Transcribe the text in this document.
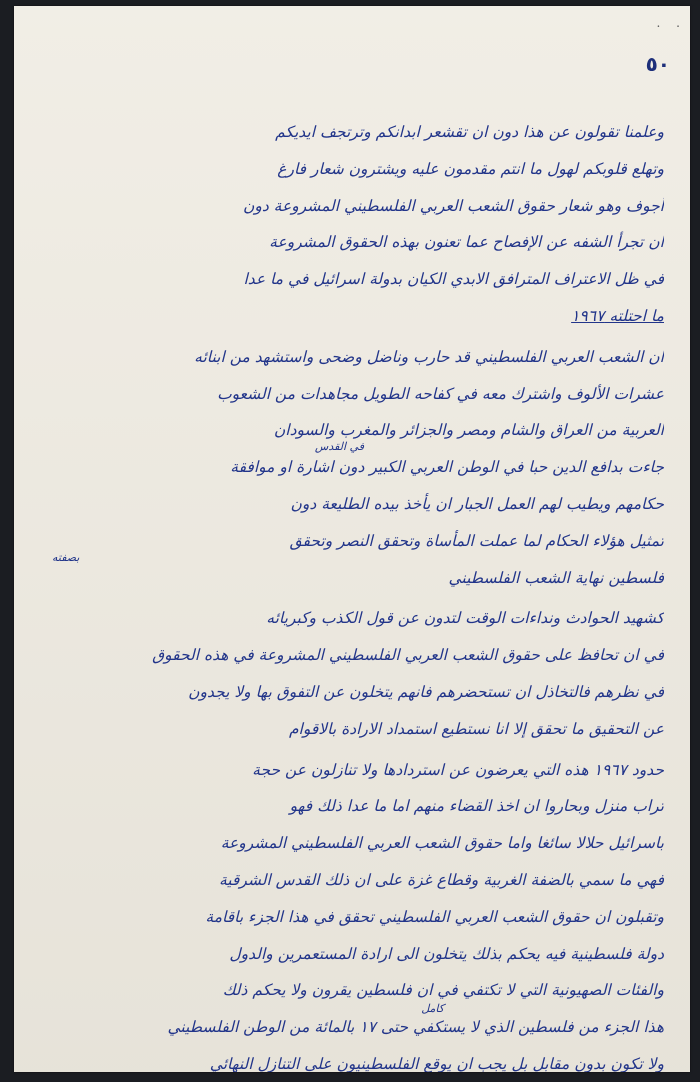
. .
٥٠
وعلمنا تقولون عن هذا دون ان تقشعر ابدانكم وترتجف ايديكم
وتهلع قلوبكم لهول ما انتم مقدمون عليه ويشترون شعار فارغ
أجوف وهو شعار حقوق الشعب العربي الفلسطيني المشروعة دون
ان تجرأ الشفه عن الإفصاح عما تعنون بهذه الحقوق المشروعة
في ظل الاعتراف المترافق الابدي الكيان بدولة اسرائيل في ما عدا
ما احتلته ١٩٦٧
ان الشعب العربي الفلسطيني قد حارب وناضل وضحى واستشهد من ابنائه
عشرات الألوف واشترك معه في كفاحه الطويل مجاهدات من الشعوب
العربية من العراق والشام ومصر والجزائر والمغرب والسودان
في القدس
جاءت بدافع الدين حبا في الوطن العربي الكبير دون اشارة او موافقة
حكامهم ويطيب لهم العمل الجبار ان يأخذ بيده الطليعة دون
تمثيل هؤلاء الحكام لما عملت المأساة وتحقق النصر وتحقق
بصفته
فلسطين نهاية الشعب الفلسطيني
كشهيد الحوادث ونداءات الوقت لتدون عن قول الكذب وكبريائه
في ان تحافظ على حقوق الشعب العربي الفلسطيني المشروعة في هذه الحقوق
في نظرهم فالتخاذل ان تستحضرهم فانهم يتخلون عن التفوق بها ولا يجدون
عن التحقيق ما تحقق إلا انا نستطيع استمداد الارادة بالاقوام
حدود ١٩٦٧ هذه التي يعرضون عن استردادها ولا تنازلون عن حجة
تراب منزل وبحاروا ان اخذ القضاء منهم اما ما عدا ذلك فهو
باسرائيل حلالا سائغا واما حقوق الشعب العربي الفلسطيني المشروعة
فهي ما سمي بالضفة الغربية وقطاع غزة على ان ذلك القدس الشرقية
وتقبلون ان حقوق الشعب العربي الفلسطيني تحقق في هذا الجزء باقامة
دولة فلسطينية فيه يحكم بذلك يتخلون الى ارادة المستعمرين والدول
والفئات الصهيونية التي لا تكتفي في ان فلسطين يقرون ولا يحكم ذلك
كامل
هذا الجزء من فلسطين الذي لا يستكفي حتى ١٧ بالمائة من الوطن الفلسطيني
ولا تكون بدون مقابل بل يجب ان يوقع الفلسطينيون على التنازل النهائي
